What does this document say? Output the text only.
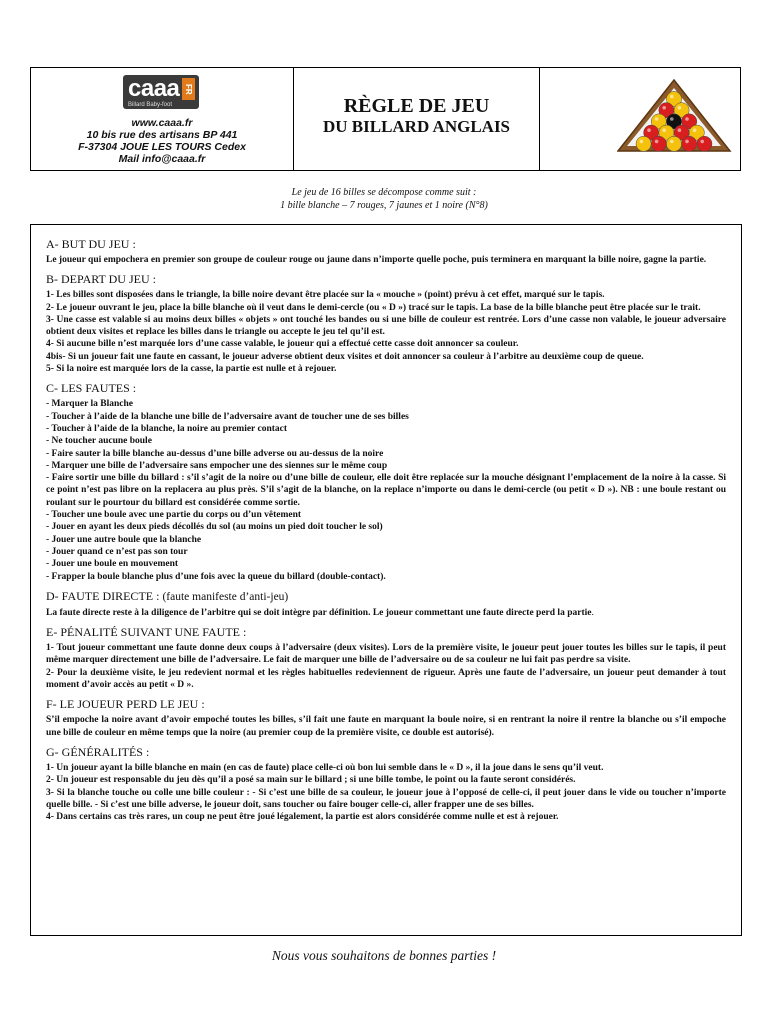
caaa FR
Billard Baby-foot
www.caaa.fr
10 bis rue des artisans BP 441
F-37304 JOUE LES TOURS Cedex
Mail info@caaa.fr
RÈGLE DE JEU
DU BILLARD ANGLAIS
Le jeu de 16 billes se décompose comme suit :
1 bille blanche – 7 rouges, 7 jaunes et 1 noire (N°8)
A- BUT DU JEU :
Le joueur qui empochera en premier son groupe de couleur rouge ou jaune dans n’importe quelle poche, puis terminera en marquant la bille noire, gagne la partie.
B- DEPART DU JEU :
1- Les billes sont disposées dans le triangle, la bille noire devant être placée sur la « mouche » (point) prévu à cet effet, marqué sur le tapis.
2- Le joueur ouvrant le jeu, place la bille blanche où il veut dans le demi-cercle (ou « D ») tracé sur le tapis. La base de la bille blanche peut être placée sur le trait.
3- Une casse est valable si au moins deux billes « objets » ont touché les bandes ou si une bille de couleur est rentrée. Lors d’une casse non valable, le joueur adversaire obtient deux visites et replace les billes dans le triangle ou accepte le jeu tel qu’il est.
4- Si aucune bille n’est marquée lors d’une casse valable, le joueur qui a effectué cette casse doit annoncer sa couleur.
4bis- Si un joueur fait une faute en cassant, le joueur adverse obtient deux visites et doit annoncer sa couleur à l’arbitre au deuxième coup de queue.
5- Si la noire est marquée lors de la casse, la partie est nulle et à rejouer.
C- LES FAUTES :
- Marquer la Blanche
- Toucher à l’aide de la blanche une bille de l’adversaire avant de toucher une de ses billes
- Toucher à l’aide de la blanche, la noire au premier contact
- Ne toucher aucune boule
- Faire sauter la bille blanche au-dessus d’une bille adverse ou au-dessus de la noire
- Marquer une bille de l’adversaire sans empocher une des siennes sur le même coup
- Faire sortir une bille du billard : s’il s’agit de la noire ou d’une bille de couleur, elle doit être replacée sur la mouche désignant l’emplacement de la noire à la casse. Si ce point n’est pas libre on la replacera au plus près. S’il s’agit de la blanche, on la replace n’importe ou dans le demi-cercle (ou petit « D »). NB : une boule restant ou roulant sur le pourtour du billard est considérée comme sortie.
- Toucher une boule avec une partie du corps ou d’un vêtement
- Jouer en ayant les deux pieds décollés du sol (au moins un pied doit toucher le sol)
- Jouer une autre boule que la blanche
- Jouer quand ce n’est pas son tour
- Jouer une boule en mouvement
- Frapper la boule blanche plus d’une fois avec la queue du billard (double-contact).
D- FAUTE DIRECTE : (faute manifeste d’anti-jeu)
La faute directe reste à la diligence de l’arbitre qui se doit intègre par définition. Le joueur commettant une faute directe perd la partie.
E- PÉNALITÉ SUIVANT UNE FAUTE :
1- Tout joueur commettant une faute donne deux coups à l’adversaire (deux visites). Lors de la première visite, le joueur peut jouer toutes les billes sur le tapis, il peut même marquer directement une bille de l’adversaire. Le fait de marquer une bille de l’adversaire ou de sa couleur ne lui fait pas perdre sa visite.
2- Pour la deuxième visite, le jeu redevient normal et les règles habituelles redeviennent de rigueur. Après une faute de l’adversaire, un joueur peut demander à tout moment d’avoir accès au petit « D ».
F- LE JOUEUR PERD LE JEU :
S’il empoche la noire avant d’avoir empoché toutes les billes, s’il fait une faute en marquant la boule noire, si en rentrant la noire il rentre la blanche ou s’il empoche une bille de couleur en même temps que la noire (au premier coup de la première visite, ce double est autorisé).
G- GÉNÉRALITÉS :
1- Un joueur ayant la bille blanche en main (en cas de faute) place celle-ci où bon lui semble dans le « D », il la joue dans le sens qu’il veut.
2- Un joueur est responsable du jeu dès qu’il a posé sa main sur le billard ; si une bille tombe, le point ou la faute seront considérés.
3- Si la blanche touche ou colle une bille couleur : - Si c’est une bille de sa couleur, le joueur joue à l’opposé de celle-ci, il peut jouer dans le vide ou toucher n’importe quelle bille. - Si c’est une bille adverse, le joueur doit, sans toucher ou faire bouger celle-ci, aller frapper une de ses billes.
4- Dans certains cas très rares, un coup ne peut être joué légalement, la partie est alors considérée comme nulle et est à rejouer.
Nous vous souhaitons de bonnes parties !
